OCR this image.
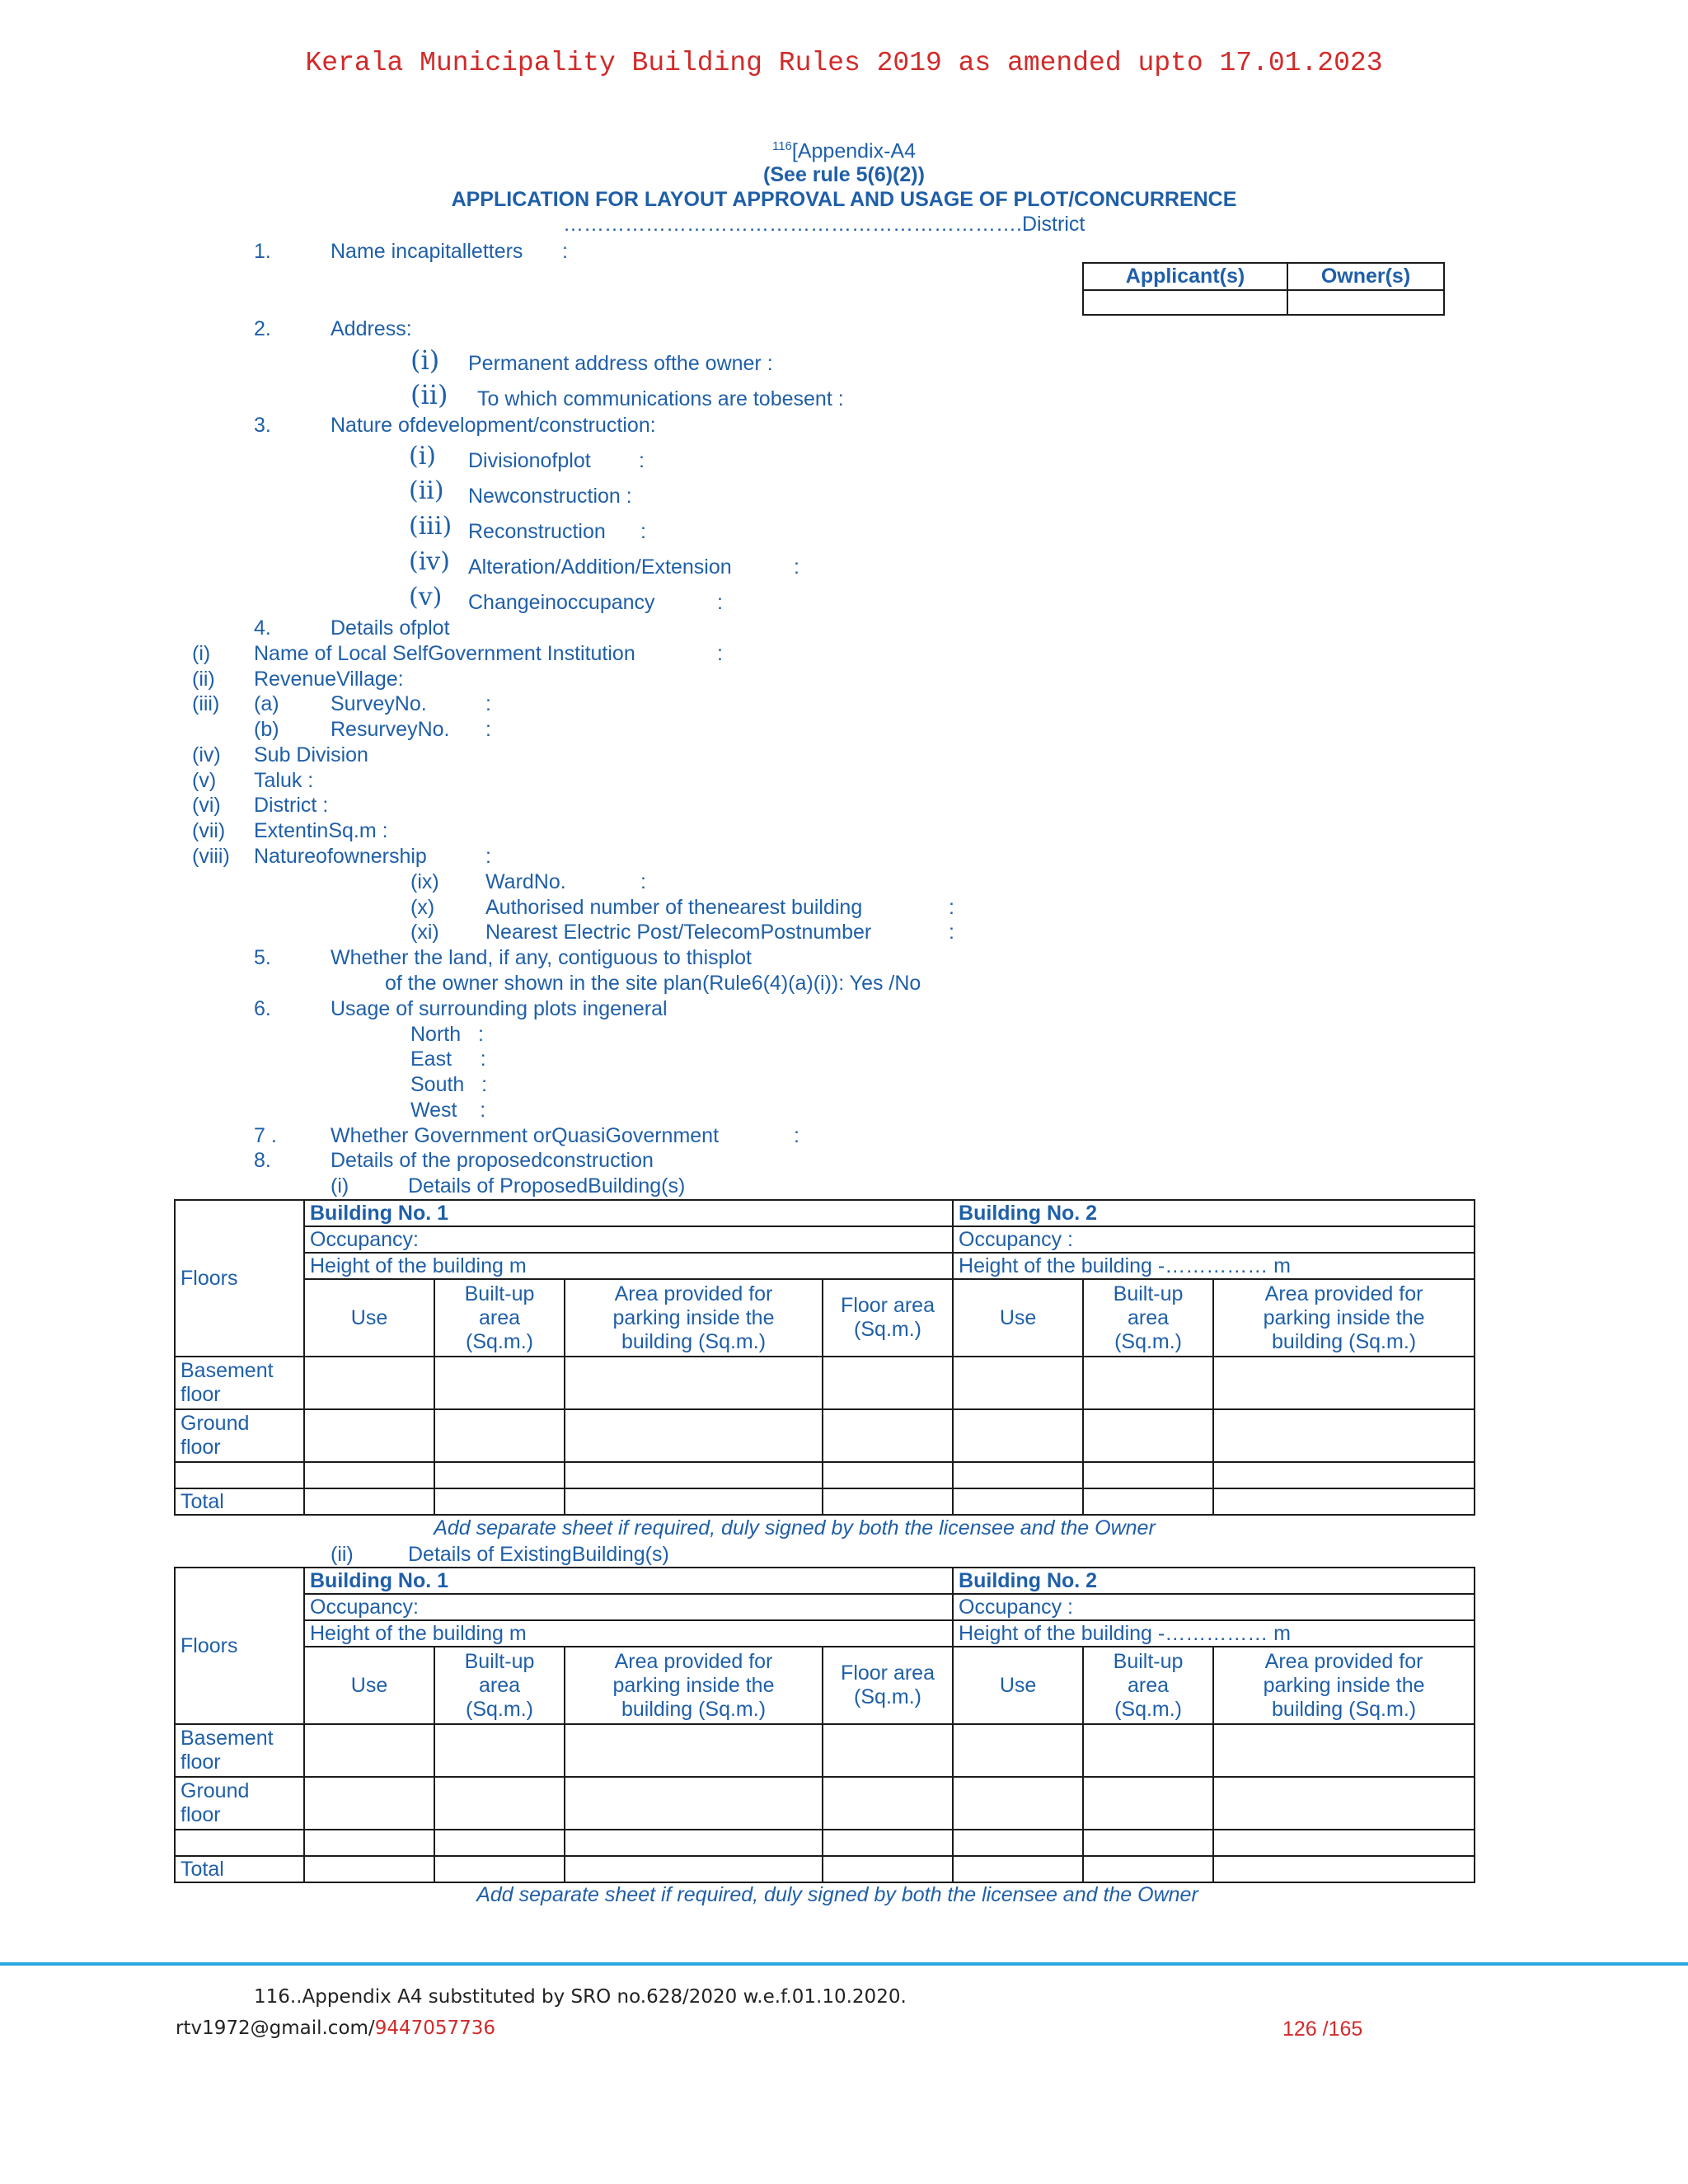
Kerala Municipality Building Rules 2019 as amended upto 17.01.2023
$^{116}$[Appendix-A4
(See rule 5(6)(2))
APPLICATION FOR LAYOUT APPROVAL AND USAGE OF PLOT/CONCURRENCE
………………………………………………………….District
1.	Name incapitalletters :
Applicant(s)	Owner(s)

2.	Address:
(i) Permanent address ofthe owner :
(ii) To which communications are tobesent :
3.	Nature ofdevelopment/construction:
(i) Divisionofplot :
(ii) Newconstruction :
(iii) Reconstruction :
(iv) Alteration/Addition/Extension	:
(v) Changeinoccupancy	:
4.	Details ofplot
(i) Name of Local SelfGovernment Institution	:
(ii) RevenueVillage:
(iii) (a) SurveyNo.	:
(b) ResurveyNo. :
(iv) Sub Division
(v) Taluk :
(vi) District :
(vii) ExtentinSq.m :
(viii) Natureofownership	:
(ix) WardNo.	:
(x) Authorised number of thenearest building	:
(xi) Nearest Electric Post/TelecomPostnumber	:
5.	Whether the land, if any, contiguous to thisplot
of the owner shown in the site plan(Rule6(4)(a)(i)): Yes /No
6.	Usage of surrounding plots ingeneral
North   :
East     :
South   :
West    :
7 .	Whether Government orQuasiGovernment	:
8.	Details of the proposedconstruction
(i)	Details of ProposedBuilding(s)
Floors	Building No. 1				Building No. 2		
	Occupancy:				Occupancy :		
	Height of the building m				Height of the building -…………… m		
	Use	Built-up
area
(Sq.m.)	Area provided for
parking inside the
building (Sq.m.)	Floor area
(Sq.m.)	Use	Built-up
area
(Sq.m.)	Area provided for
parking inside the
building (Sq.m.)
Basement
floor							
Ground
floor							

Total							
Add separate sheet if required, duly signed by both the licensee and the Owner
(ii)	Details of ExistingBuilding(s)
Floors	Building No. 1				Building No. 2		
	Occupancy:				Occupancy :		
	Height of the building m				Height of the building -…………… m		
	Use	Built-up
area
(Sq.m.)	Area provided for
parking inside the
building (Sq.m.)	Floor area
(Sq.m.)	Use	Built-up
area
(Sq.m.)	Area provided for
parking inside the
building (Sq.m.)
Basement
floor							
Ground
floor							

Total							
Add separate sheet if required, duly signed by both the licensee and the Owner
116..Appendix A4 substituted by SRO no.628/2020 w.e.f.01.10.2020.
rtv1972@gmail.com/9447057736	126 /165
